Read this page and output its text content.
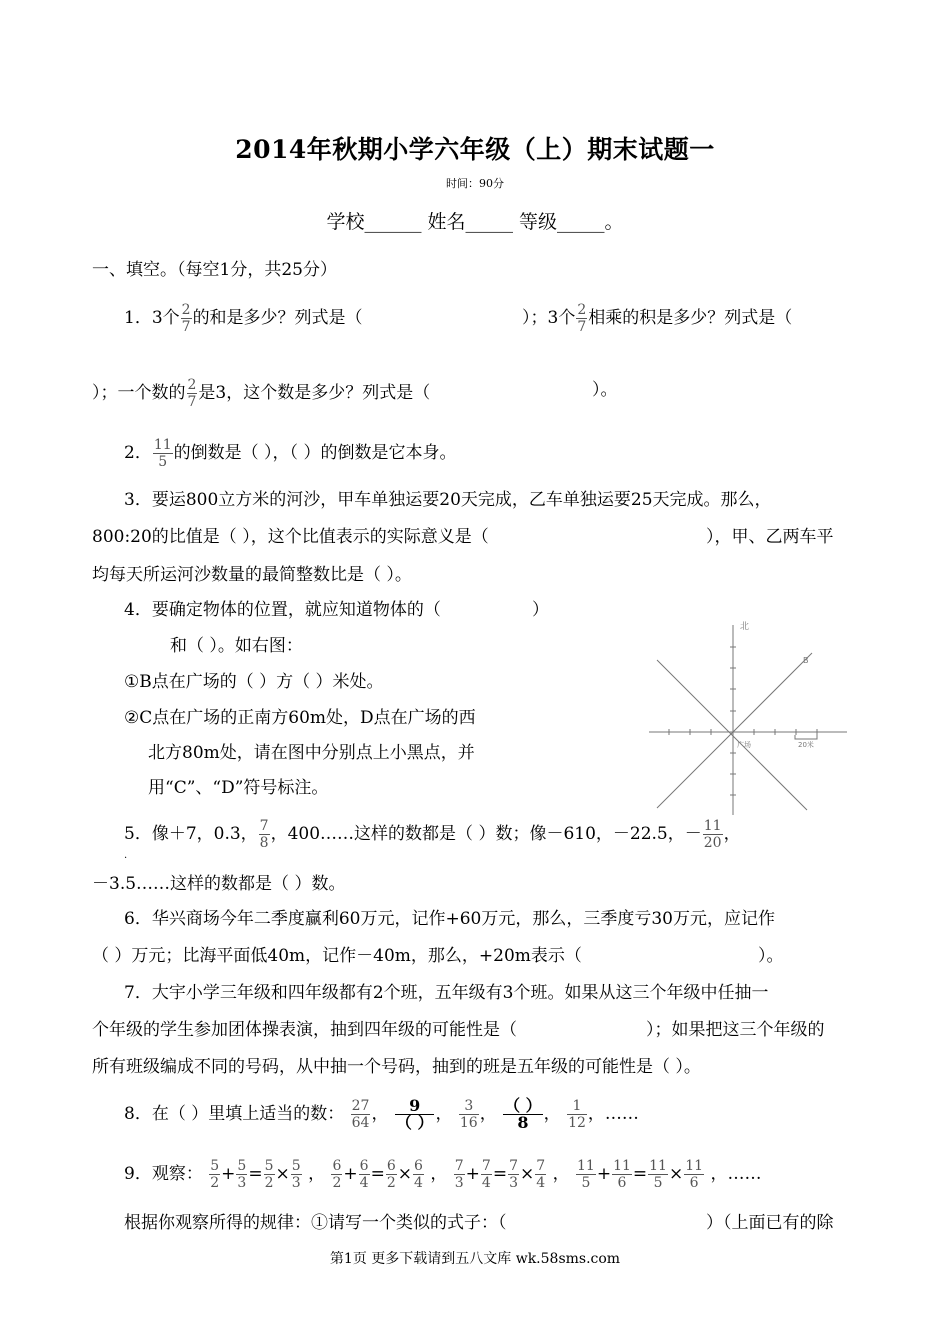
2014年秋期小学六年级（上）期末试题一
时间：90分
学校______ 姓名_____ 等级_____。
一、填空。（每空1分，共25分）
1．3个 $\frac{2}{7}$ 的和是多少？列式是（	）；3个 $\frac{2}{7}$ 相乘的积是多少？列式是（
）；一个数的 $\frac{2}{7}$ 是3，这个数是多少？列式是（	）。
2． $\frac{11}{5}$ 的倒数是（ ），（ ）的倒数是它本身。
3．要运800立方米的河沙，甲车单独运要20天完成，乙车单独运要25天完成。那么，
800:20的比值是（ ），这个比值表示的实际意义是（	），甲、乙两车平
均每天所运河沙数量的最简整数比是（ ）。
4．要确定物体的位置，就应知道物体的（	）
和（ ）。如右图：
①B点在广场的（ ）方（ ）米处。
②C点在广场的正南方60m处，D点在广场的西
北方80m处，请在图中分别点上小黑点，并
用“C”、“D”符号标注。
北
B
广场	20米
5．像＋7，0.3， $\frac{7}{8}$ ，400……这样的数都是（ ）数；像－610，－22.5，－ $\frac{11}{20}$ ，
.
－3.5……这样的数都是（ ）数。
6．华兴商场今年二季度赢利60万元，记作+60万元，那么，三季度亏30万元，应记作
（ ）万元；比海平面低40m，记作－40m，那么，+20m表示（	）。
7．大宇小学三年级和四年级都有2个班，五年级有3个班。如果从这三个年级中任抽一
个年级的学生参加团体操表演，抽到四年级的可能性是（	）；如果把这三个年级的
所有班级编成不同的号码，从中抽一个号码，抽到的班是五年级的可能性是（ ）。
8．在（ ）里填上适当的数： $\frac{27}{64}$ ， $\frac{9}{( )}$ ， $\frac{3}{16}$ ， $\frac{( )}{8}$ ， $\frac{1}{12}$ ，……
9．观察： $\frac{5}{2} + \frac{5}{3} = \frac{5}{2} \times \frac{5}{3}$ ， $\frac{6}{2} + \frac{6}{4} = \frac{6}{2} \times \frac{6}{4}$ ， $\frac{7}{3} + \frac{7}{4} = \frac{7}{3} \times \frac{7}{4}$ ， $\frac{11}{5} + \frac{11}{6} = \frac{11}{5} \times \frac{11}{6}$ ，……
根据你观察所得的规律：①请写一个类似的式子：（	）（上面已有的除
第1页 更多下载请到五八文库 wk.58sms.com
